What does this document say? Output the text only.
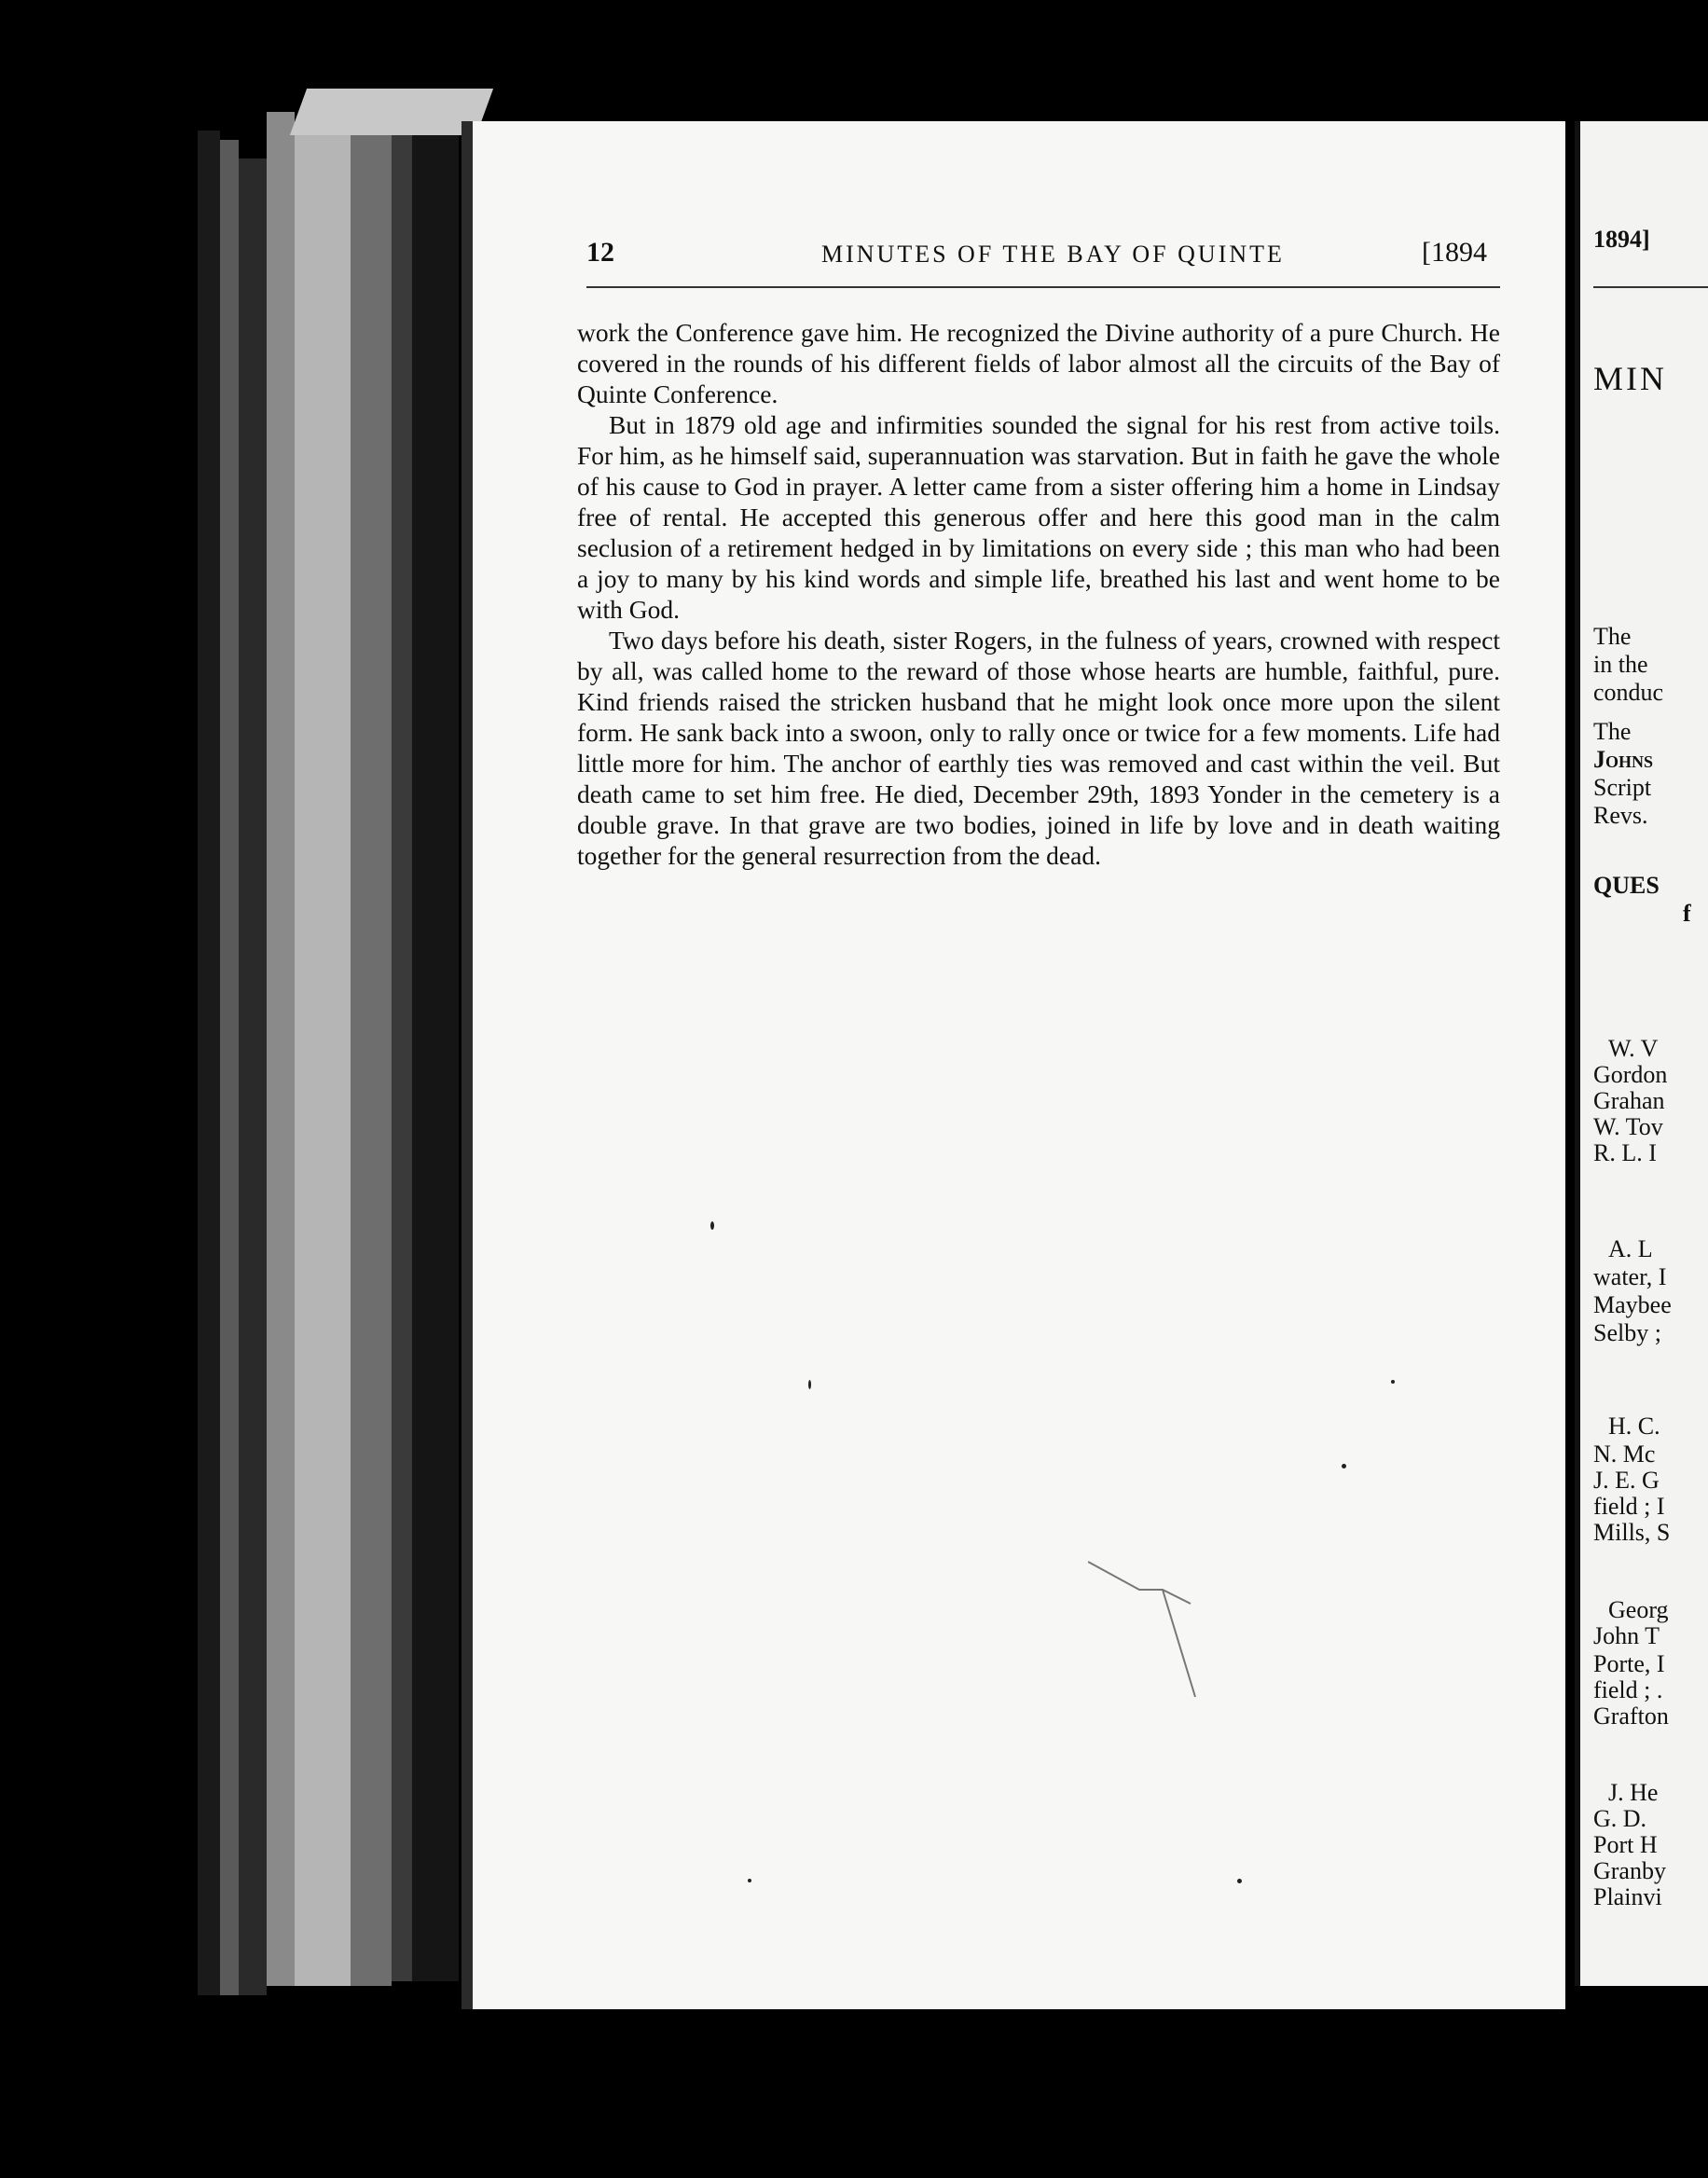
12	MINUTES OF THE BAY OF QUINTE	[1894

work the Conference gave him. He recognized the Divine authority of a pure Church. He covered in the rounds of his different fields of labor almost all the circuits of the Bay of Quinte Conference.

But in 1879 old age and infirmities sounded the signal for his rest from active toils. For him, as he himself said, superannuation was starvation. But in faith he gave the whole of his cause to God in prayer. A letter came from a sister offering him a home in Lindsay free of rental. He accepted this generous offer and here this good man in the calm seclusion of a retirement hedged in by limitations on every side ; this man who had been a joy to many by his kind words and simple life, breathed his last and went home to be with God.

Two days before his death, sister Rogers, in the fulness of years, crowned with respect by all, was called home to the reward of those whose hearts are humble, faithful, pure. Kind friends raised the stricken husband that he might look once more upon the silent form. He sank back into a swoon, only to rally once or twice for a few moments. Life had little more for him. The anchor of earthly ties was removed and cast within the veil. But death came to set him free. He died, December 29th, 1893 Yonder in the cemetery is a double grave. In that grave are two bodies, joined in life by love and in death waiting together for the general resurrection from the dead.

1894]
MIN
The
in the
conduc
The
Johns
Script
Revs.
QUES
f
W. V
Gordon
Grahan
W. Tov
R. L. I
A. L
water, I
Maybee
Selby ;
H. C.
N. Mc
J. E. G
field ; I
Mills, S
Georg
John T
Porte, I
field ; .
Grafton
J. He
G. D.
Port H
Granby
Plainvi
